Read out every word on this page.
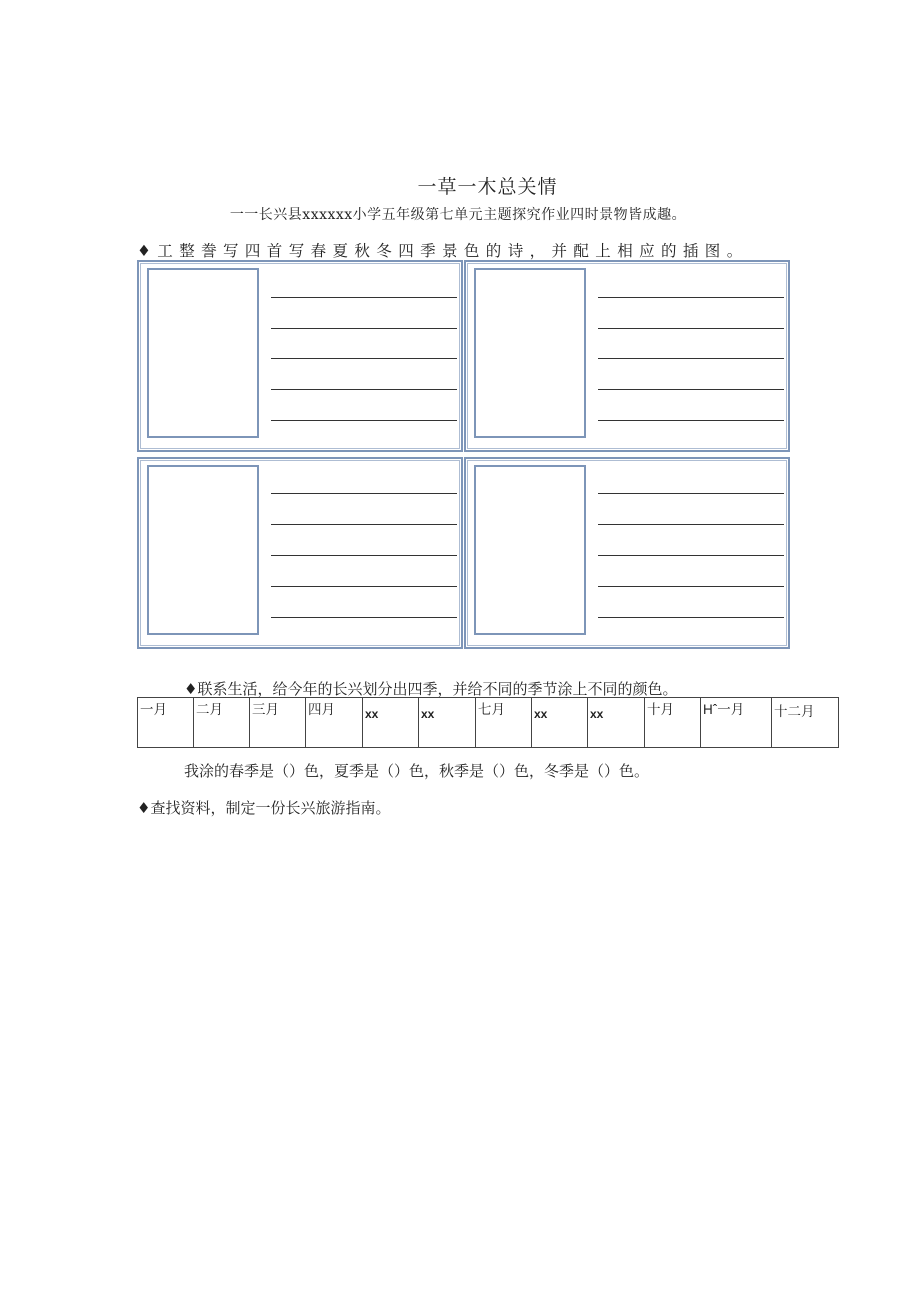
一草一木总关情
一一长兴县xxxxxx小学五年级第七单元主题探究作业四时景物皆成趣。
♦工整誊写四首写春夏秋冬四季景色的诗，并配上相应的插图。
♦联系生活，给今年的长兴划分出四季，并给不同的季节涂上不同的颜色。
一月	二月	三月	四月	xx	xx	七月	xx	xx	十月	Hˆ一月	十二月
我涂的春季是（）色，夏季是（）色，秋季是（）色，冬季是（）色。
♦查找资料，制定一份长兴旅游指南。
